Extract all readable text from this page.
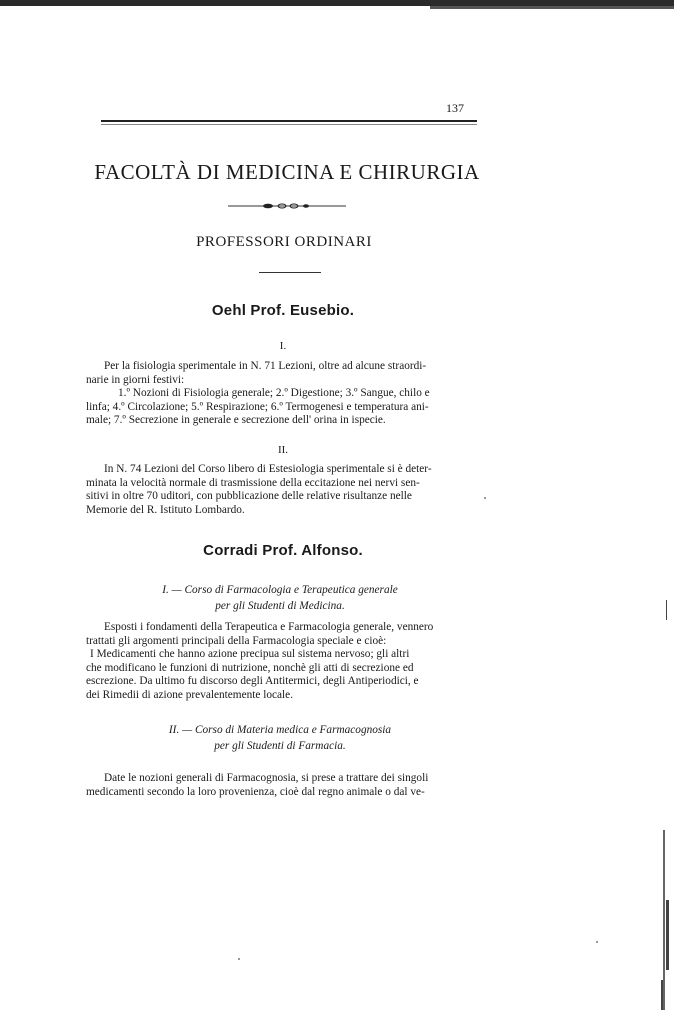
137
FACOLTÀ DI MEDICINA E CHIRURGIA
PROFESSORI ORDINARI
Oehl Prof. Eusebio.
I.
Per la fisiologia sperimentale in N. 71 Lezioni, oltre ad alcune straordi-
narie in giorni festivi:
1.º Nozioni di Fisiologia generale; 2.º Digestione; 3.º Sangue, chilo e
linfa; 4.º Circolazione; 5.º Respirazione; 6.º Termogenesi e temperatura ani-
male; 7.º Secrezione in generale e secrezione dell' orina in ispecie.
II.
In N. 74 Lezioni del Corso libero di Estesiologia sperimentale si è deter-
minata la velocità normale di trasmissione della eccitazione nei nervi sen-
sitivi in oltre 70 uditori, con pubblicazione delle relative risultanze nelle
Memorie del R. Istituto Lombardo.
Corradi Prof. Alfonso.
I. — Corso di Farmacologia e Terapeutica generale
per gli Studenti di Medicina.
Esposti i fondamenti della Terapeutica e Farmacologia generale, vennero
trattati gli argomenti principali della Farmacologia speciale e cioè:
I Medicamenti che hanno azione precipua sul sistema nervoso; gli altri
che modificano le funzioni di nutrizione, nonchè gli atti di secrezione ed
escrezione. Da ultimo fu discorso degli Antitermici, degli Antiperiodici, e
dei Rimedii di azione prevalentemente locale.
II. — Corso di Materia medica e Farmacognosia
per gli Studenti di Farmacia.
Date le nozioni generali di Farmacognosia, si prese a trattare dei singoli
medicamenti secondo la loro provenienza, cioè dal regno animale o dal ve-
